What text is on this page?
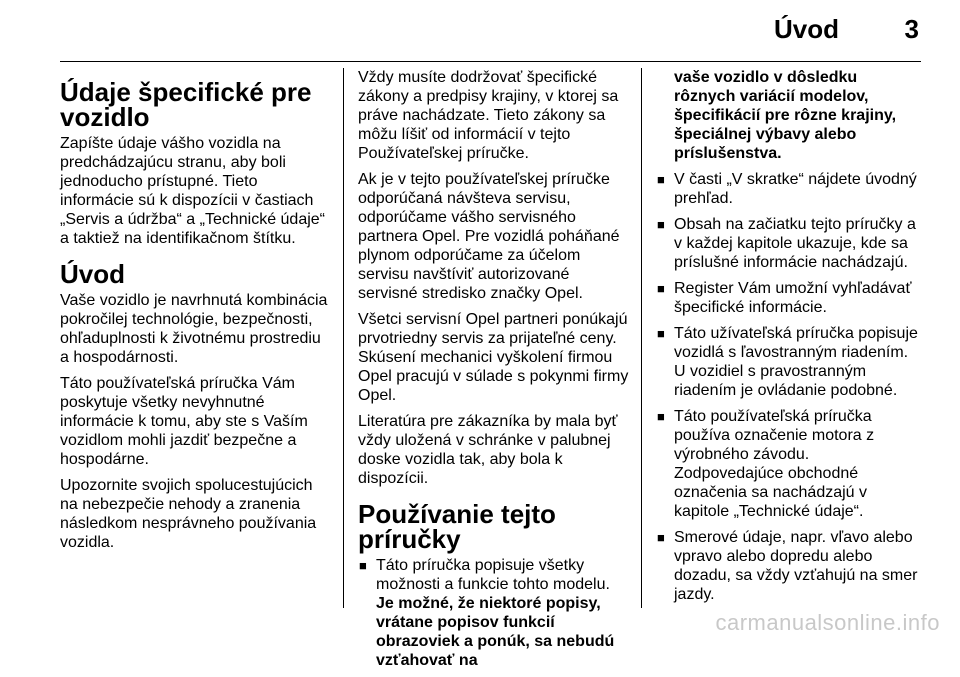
Úvod	3
Údaje špecifické pre vozidlo

Zapíšte údaje vášho vozidla na predchádzajúcu stranu, aby boli jednoducho prístupné. Tieto informácie sú k dispozícii v častiach „Servis a údržba“ a „Technické údaje“ a taktiež na identifikačnom štítku.

Úvod

Vaše vozidlo je navrhnutá kombinácia pokročilej technológie, bezpečnosti, ohľaduplnosti k životnému prostrediu a hospodárnosti.

Táto používateľská príručka Vám poskytuje všetky nevyhnutné informácie k tomu, aby ste s Vaším vozidlom mohli jazdiť bezpečne a hospodárne.

Upozornite svojich spolucestujúcich na nebezpečie nehody a zranenia následkom nesprávneho používania vozidla.

Vždy musíte dodržovať špecifické zákony a predpisy krajiny, v ktorej sa práve nachádzate. Tieto zákony sa môžu líšiť od informácií v tejto Používateľskej príručke.

Ak je v tejto používateľskej príručke odporúčaná návšteva servisu, odporúčame vášho servisného partnera Opel. Pre vozidlá poháňané plynom odporúčame za účelom servisu navštíviť autorizované servisné stredisko značky Opel.

Všetci servisní Opel partneri ponúkajú prvotriedny servis za prijateľné ceny. Skúsení mechanici vyškolení firmou Opel pracujú v súlade s pokynmi firmy Opel.

Literatúra pre zákazníka by mala byť vždy uložená v schránke v palubnej doske vozidla tak, aby bola k dispozícii.

Používanie tejto príručky
■ Táto príručka popisuje všetky možnosti a funkcie tohto modelu. Je možné, že niektoré popisy, vrátane popisov funkcií obrazoviek a ponúk, sa nebudú vzťahovať na
vaše vozidlo v dôsledku rôznych variácií modelov, špecifikácií pre rôzne krajiny, špeciálnej výbavy alebo príslušenstva.
■ V časti „V skratke“ nájdete úvodný prehľad.
■ Obsah na začiatku tejto príručky a v každej kapitole ukazuje, kde sa príslušné informácie nachádzajú.
■ Register Vám umožní vyhľadávať špecifické informácie.
■ Táto užívateľská príručka popisuje vozidlá s ľavostranným riadením. U vozidiel s pravostranným riadením je ovládanie podobné.
■ Táto používateľská príručka používa označenie motora z výrobného závodu. Zodpovedajúce obchodné označenia sa nachádzajú v kapitole „Technické údaje“.
■ Smerové údaje, napr. vľavo alebo vpravo alebo dopredu alebo dozadu, sa vždy vzťahujú na smer jazdy.
carmanualsonline.info
